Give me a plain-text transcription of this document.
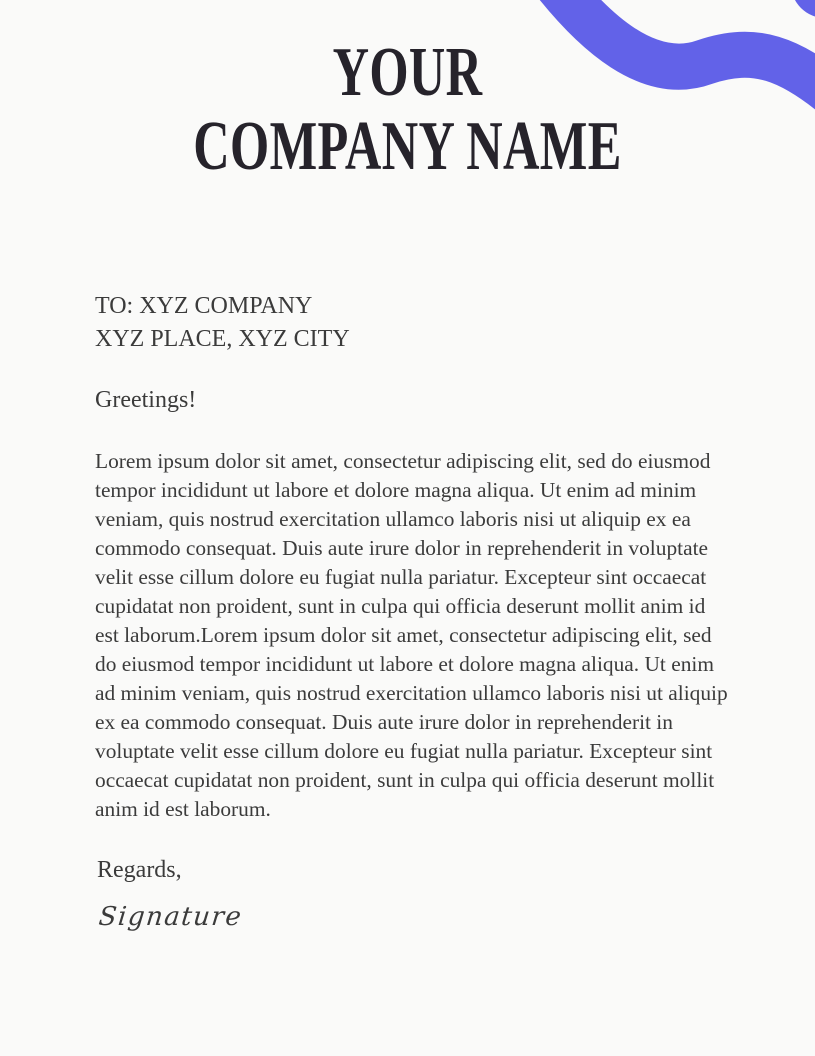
YOUR
COMPANY NAME

TO: XYZ COMPANY
XYZ PLACE, XYZ CITY

Greetings!

Lorem ipsum dolor sit amet, consectetur adipiscing elit, sed do eiusmod tempor incididunt ut labore et dolore magna aliqua. Ut enim ad minim veniam, quis nostrud exercitation ullamco laboris nisi ut aliquip ex ea commodo consequat. Duis aute irure dolor in reprehenderit in voluptate velit esse cillum dolore eu fugiat nulla pariatur. Excepteur sint occaecat cupidatat non proident, sunt in culpa qui officia deserunt mollit anim id est laborum.Lorem ipsum dolor sit amet, consectetur adipiscing elit, sed do eiusmod tempor incididunt ut labore et dolore magna aliqua. Ut enim ad minim veniam, quis nostrud exercitation ullamco laboris nisi ut aliquip ex ea commodo consequat. Duis aute irure dolor in reprehenderit in voluptate velit esse cillum dolore eu fugiat nulla pariatur. Excepteur sint occaecat cupidatat non proident, sunt in culpa qui officia deserunt mollit anim id est laborum.

Regards,

Signature
